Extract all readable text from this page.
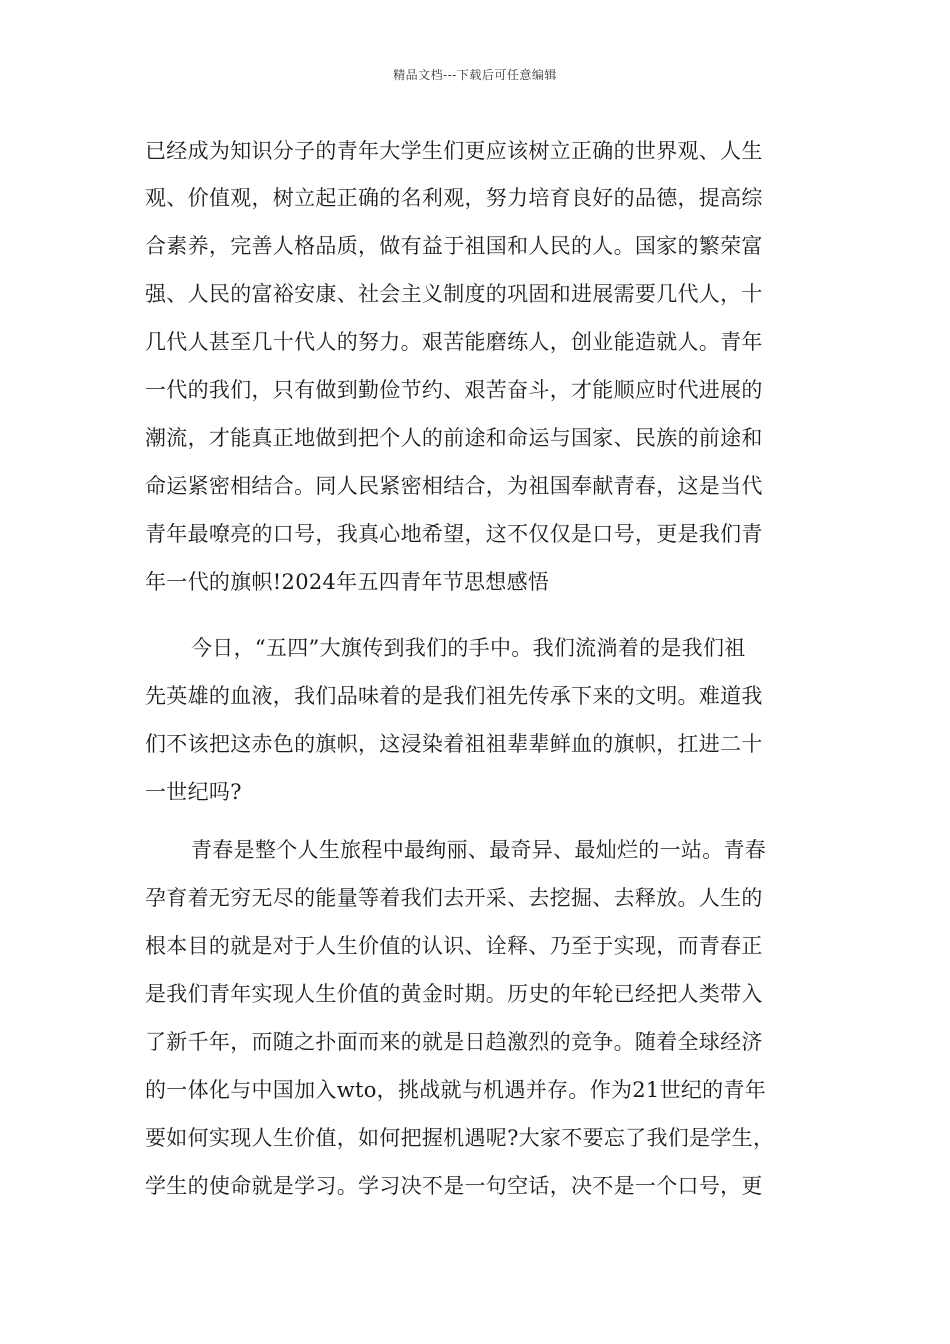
精品文档---下载后可任意编辑
已经成为知识分子的青年大学生们更应该树立正确的世界观、人生
观、价值观，树立起正确的名利观，努力培育良好的品德，提高综
合素养，完善人格品质，做有益于祖国和人民的人。国家的繁荣富
强、人民的富裕安康、社会主义制度的巩固和进展需要几代人，十
几代人甚至几十代人的努力。艰苦能磨练人，创业能造就人。青年
一代的我们，只有做到勤俭节约、艰苦奋斗，才能顺应时代进展的
潮流，才能真正地做到把个人的前途和命运与国家、民族的前途和
命运紧密相结合。同人民紧密相结合，为祖国奉献青春，这是当代
青年最嘹亮的口号，我真心地希望，这不仅仅是口号，更是我们青
年一代的旗帜!2024年五四青年节思想感悟
今日，“五四”大旗传到我们的手中。我们流淌着的是我们祖
先英雄的血液，我们品味着的是我们祖先传承下来的文明。难道我
们不该把这赤色的旗帜，这浸染着祖祖辈辈鲜血的旗帜，扛进二十
一世纪吗?
青春是整个人生旅程中最绚丽、最奇异、最灿烂的一站。青春
孕育着无穷无尽的能量等着我们去开采、去挖掘、去释放。人生的
根本目的就是对于人生价值的认识、诠释、乃至于实现，而青春正
是我们青年实现人生价值的黄金时期。历史的年轮已经把人类带入
了新千年，而随之扑面而来的就是日趋激烈的竞争。随着全球经济
的一体化与中国加入wto，挑战就与机遇并存。作为21世纪的青年
要如何实现人生价值，如何把握机遇呢?大家不要忘了我们是学生，
学生的使命就是学习。学习决不是一句空话，决不是一个口号，更
